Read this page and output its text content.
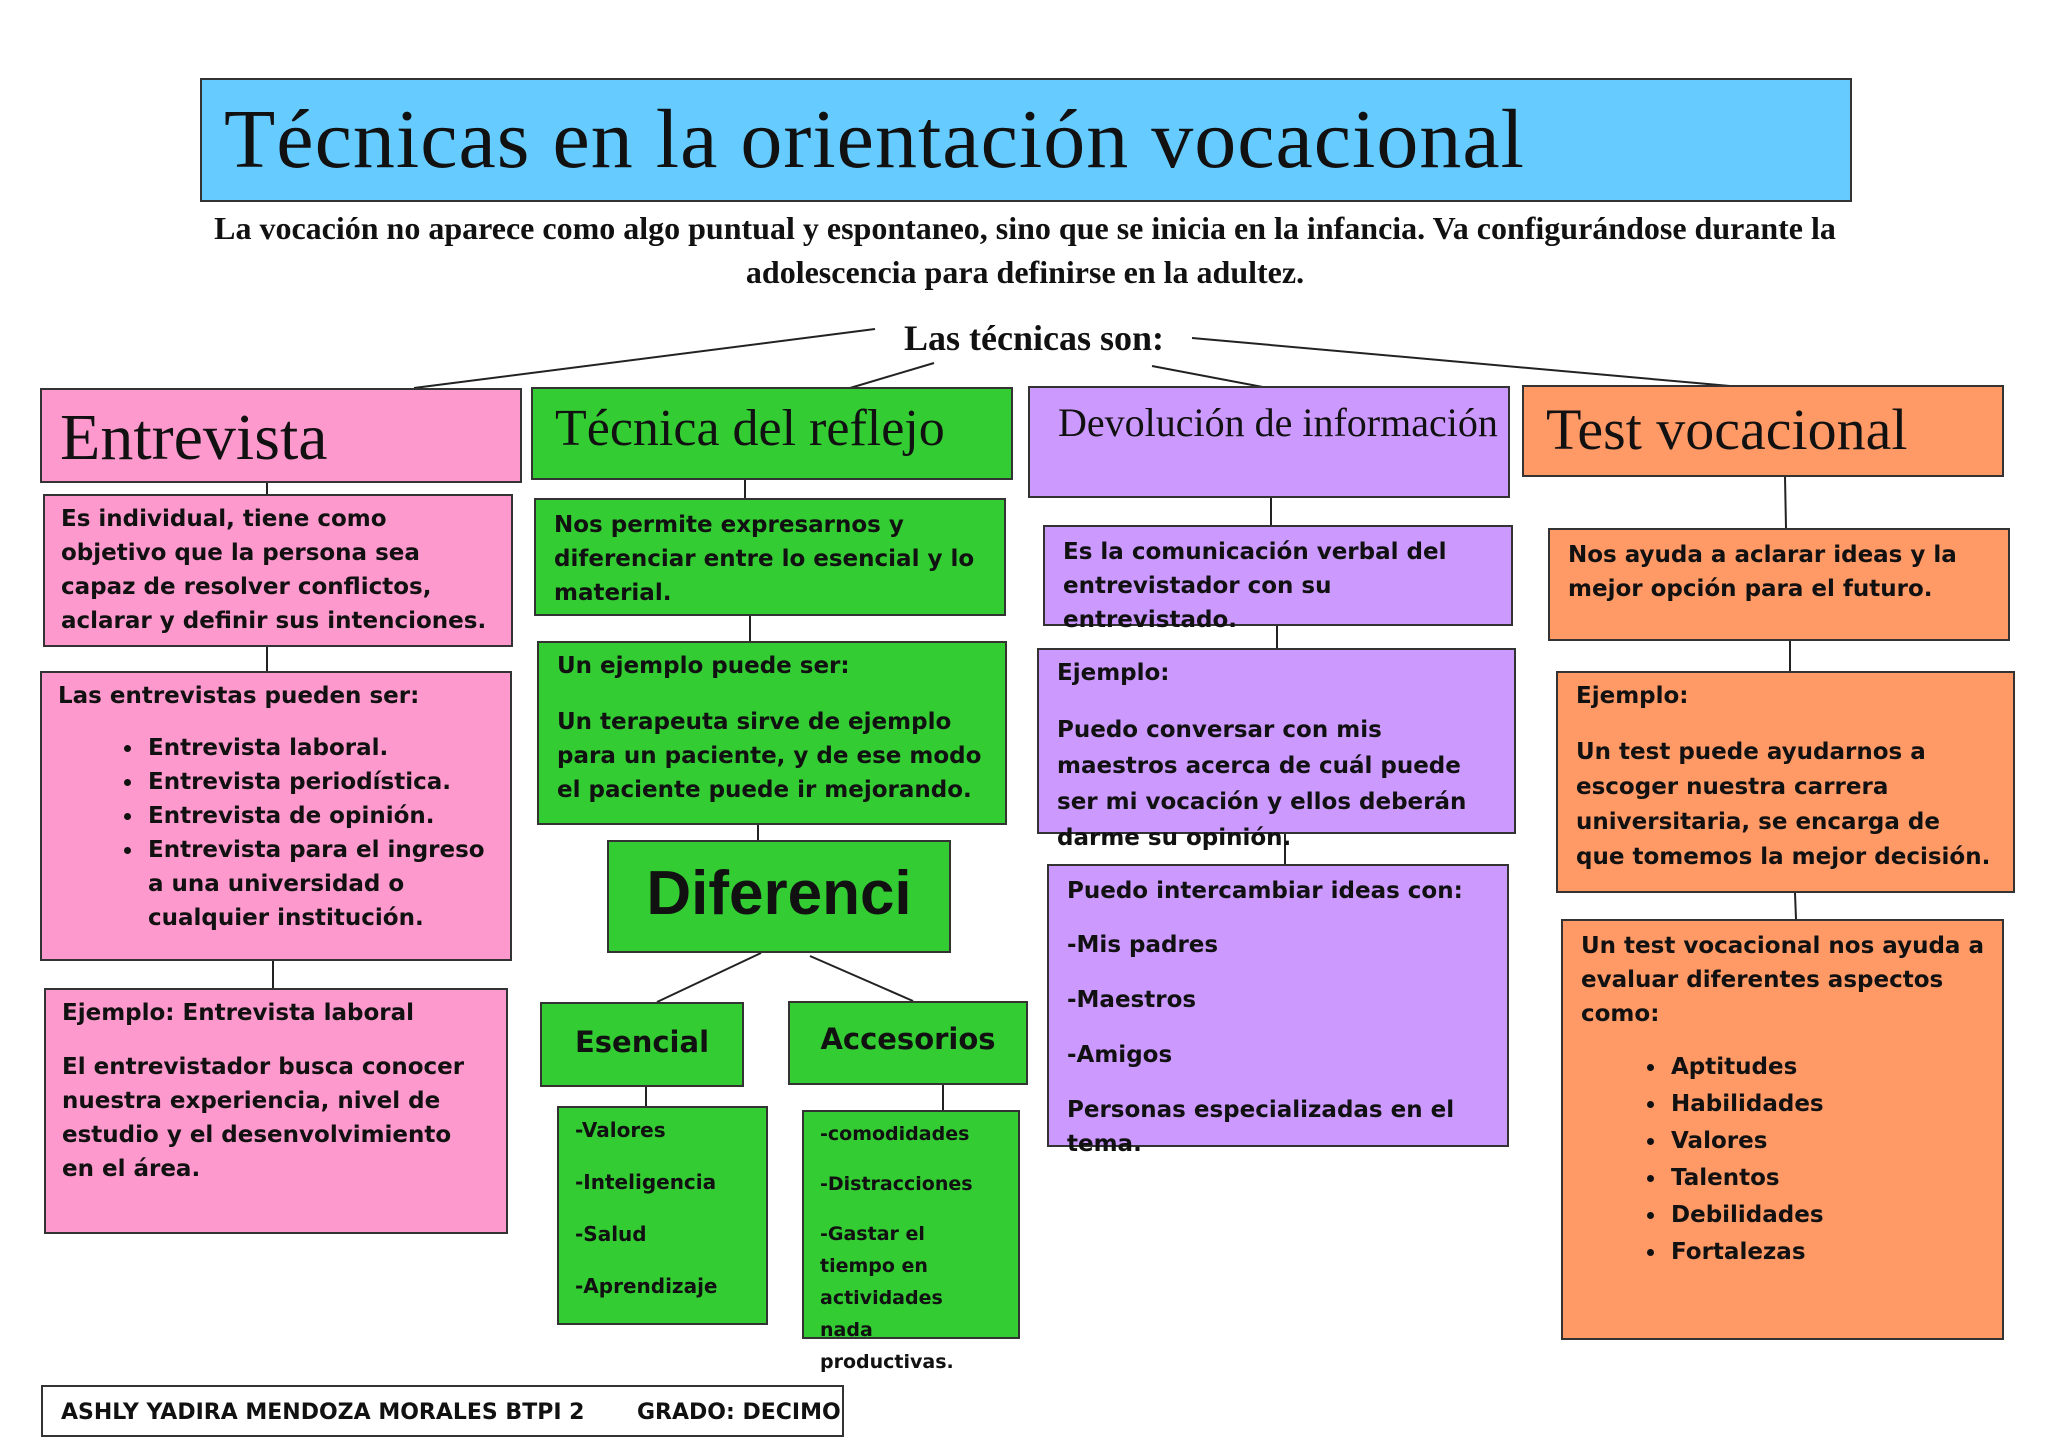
Técnicas en la orientación vocacional
La vocación no aparece como algo puntual y espontaneo, sino que se inicia en la infancia. Va configurándose durante la adolescencia para definirse en la adultez.
Las técnicas son:
Entrevista

Es individual, tiene como objetivo que la persona sea capaz de resolver conflictos, aclarar y definir sus intenciones.

Las entrevistas pueden ser:

• Entrevista laboral.
• Entrevista periodística.
• Entrevista de opinión.
• Entrevista para el ingreso a una universidad o cualquier institución.

Ejemplo: Entrevista laboral

El entrevistador busca conocer nuestra experiencia, nivel de estudio y el desenvolvimiento en el área.

Técnica del reflejo

Nos permite expresarnos y diferenciar entre lo esencial y lo material.

Un ejemplo puede ser:

Un terapeuta sirve de ejemplo para un paciente, y de ese modo el paciente puede ir mejorando.

Diferenci
Esencial	Accesorios
-Valores
-Inteligencia
-Salud
-Aprendizaje
-comodidades
-Distracciones
-Gastar el tiempo en actividades nada productivas.
Devolución de información

Es la comunicación verbal del entrevistador con su entrevistado.

Ejemplo:

Puedo conversar con mis maestros acerca de cuál puede ser mi vocación y ellos deberán darme su opinión.

Puedo intercambiar ideas con:

-Mis padres

-Maestros

-Amigos

Personas especializadas en el tema.

Test vocacional

Nos ayuda a aclarar ideas y la mejor opción para el futuro.

Ejemplo:

Un test puede ayudarnos a escoger nuestra carrera universitaria, se encarga de que tomemos la mejor decisión.

Un test vocacional nos ayuda a evaluar diferentes aspectos como:

• Aptitudes
• Habilidades
• Valores
• Talentos
• Debilidades
• Fortalezas
ASHLY YADIRA MENDOZA MORALES BTPI 2 GRADO: DECIMO
